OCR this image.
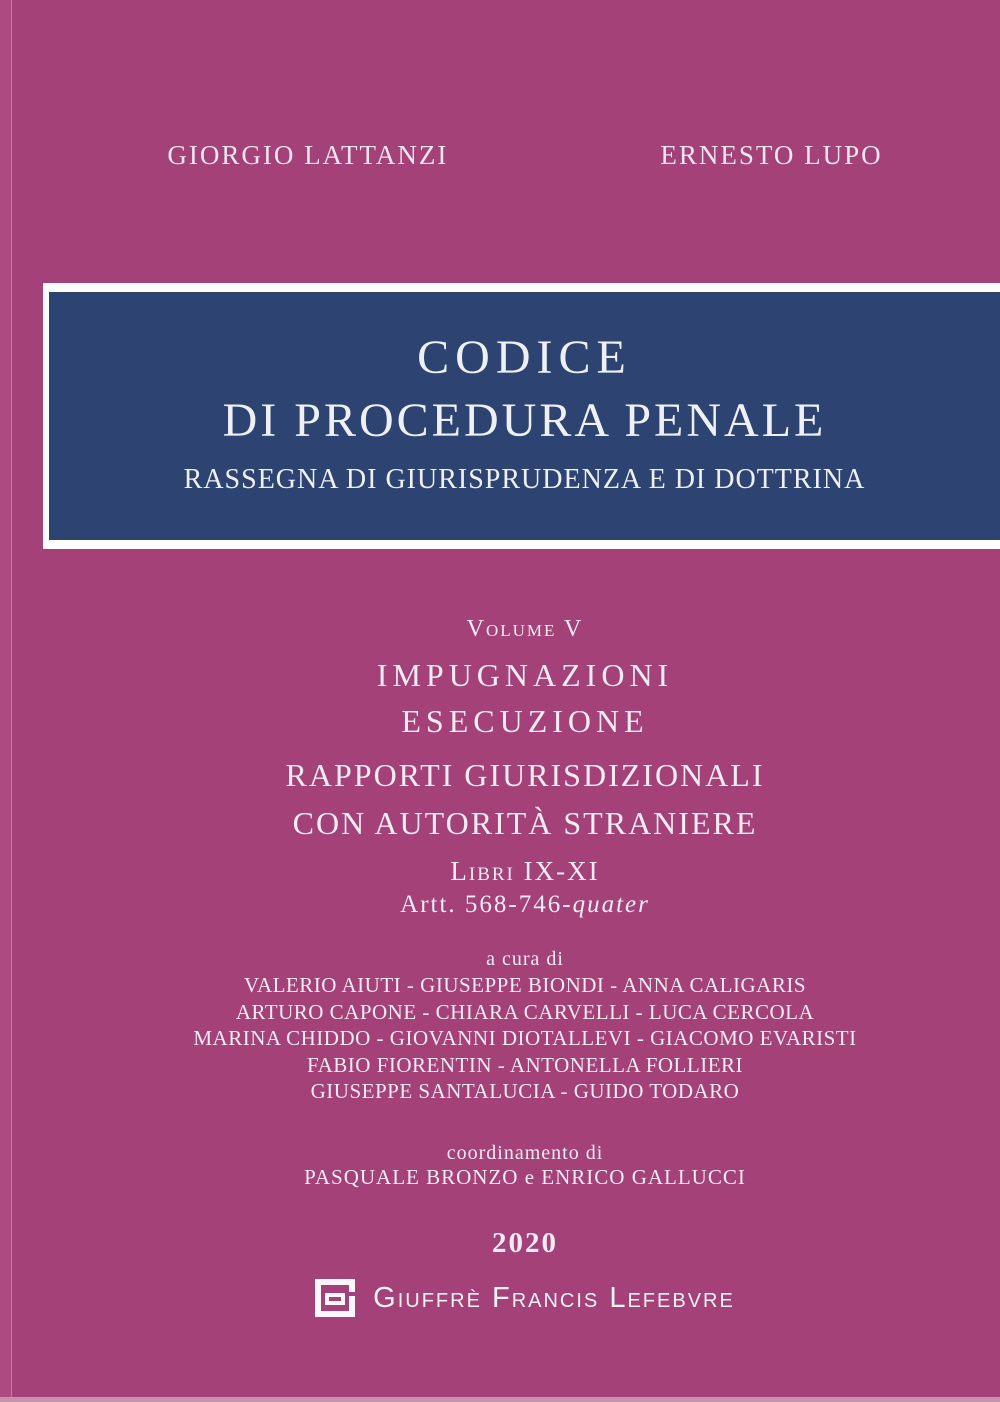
GIORGIO LATTANZI	ERNESTO LUPO
CODICE
DI PROCEDURA PENALE
RASSEGNA DI GIURISPRUDENZA E DI DOTTRINA
Volume V
IMPUGNAZIONI
ESECUZIONE
RAPPORTI GIURISDIZIONALI
CON AUTORITÀ STRANIERE
Libri IX-XI
Artt. 568-746-quater
a cura di
VALERIO AIUTI - GIUSEPPE BIONDI - ANNA CALIGARIS
ARTURO CAPONE - CHIARA CARVELLI - LUCA CERCOLA
MARINA CHIDDO - GIOVANNI DIOTALLEVI - GIACOMO EVARISTI
FABIO FIORENTIN - ANTONELLA FOLLIERI
GIUSEPPE SANTALUCIA - GUIDO TODARO
coordinamento di
PASQUALE BRONZO e ENRICO GALLUCCI
2020
Giuffrè Francis Lefebvre
